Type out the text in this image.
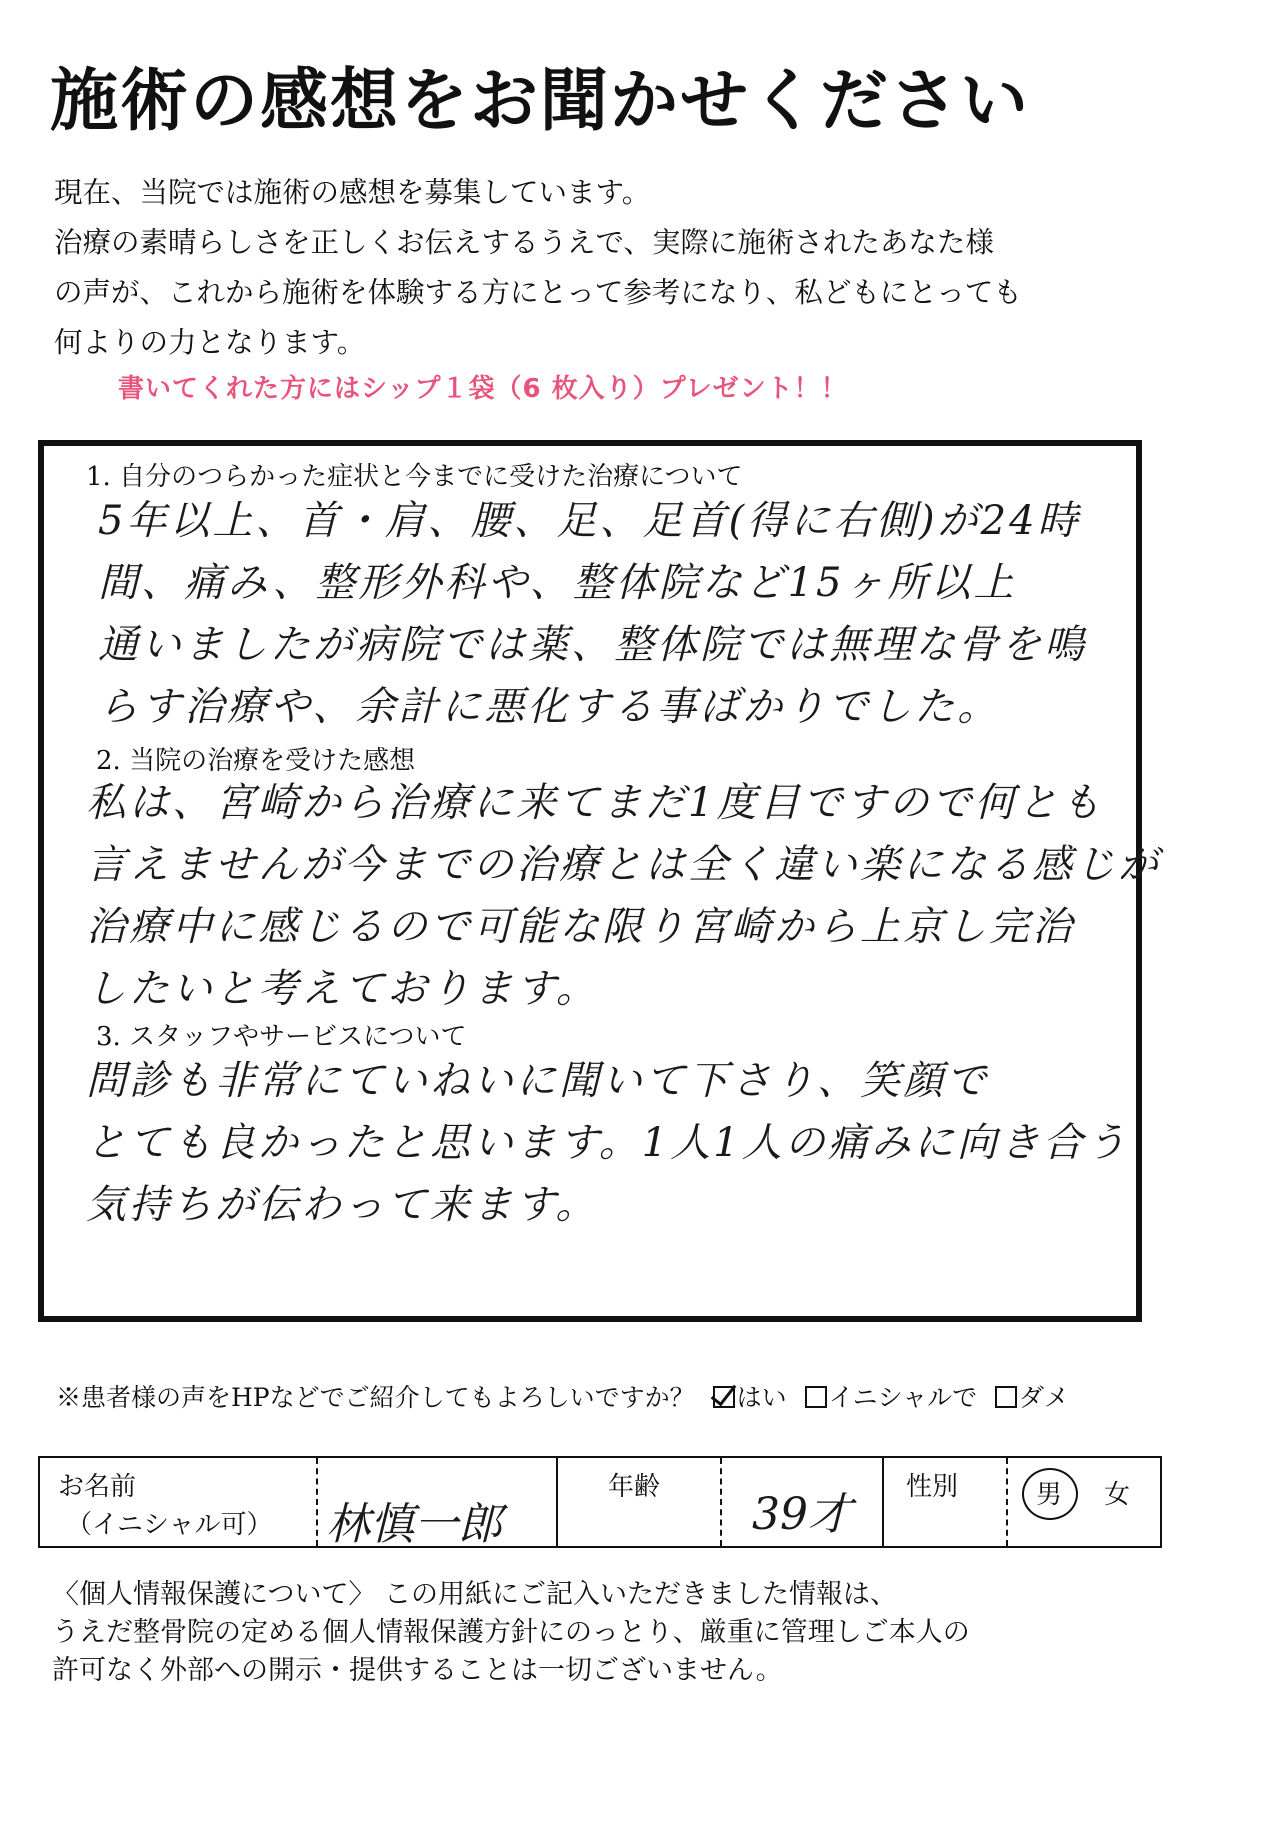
施術の感想をお聞かせください
現在、当院では施術の感想を募集しています。
治療の素晴らしさを正しくお伝えするうえで、実際に施術されたあなた様
の声が、これから施術を体験する方にとって参考になり、私どもにとっても
何よりの力となります。
書いてくれた方にはシップ１袋（6 枚入り）プレゼント！！
1. 自分のつらかった症状と今までに受けた治療について
5年以上、首・肩、腰、足、足首(得に右側)が24時
間、痛み、整形外科や、整体院など15ヶ所以上
通いましたが病院では薬、整体院では無理な骨を鳴
らす治療や、余計に悪化する事ばかりでした。
2. 当院の治療を受けた感想
私は、宮崎から治療に来てまだ1度目ですので何とも
言えませんが今までの治療とは全く違い楽になる感じが
治療中に感じるので可能な限り宮崎から上京し完治
したいと考えております。
3. スタッフやサービスについて
問診も非常にていねいに聞いて下さり、笑顔で
とても良かったと思います。1人1人の痛みに向き合う
気持ちが伝わって来ます。
※患者様の声をHPなどでご紹介してもよろしいですか？ はい イニシャルで ダメ
お名前
（イニシャル可） 林慎一郎
年齢
39才
性別	男 女
〈個人情報保護について〉 この用紙にご記入いただきました情報は、
うえだ整骨院の定める個人情報保護方針にのっとり、厳重に管理しご本人の
許可なく外部への開示・提供することは一切ございません。
